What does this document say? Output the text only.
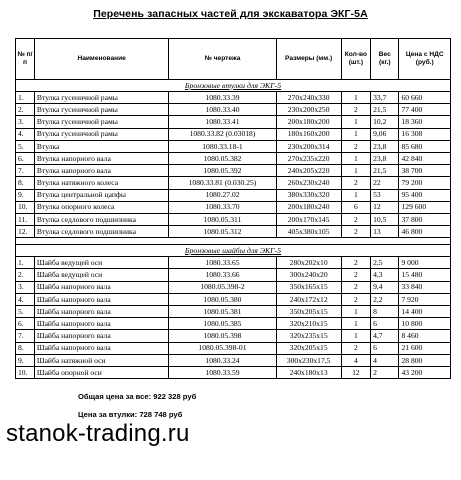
Перечень запасных частей для экскаватора ЭКГ-5А
№ п/п	Наименование	№ чертежа	Размеры (мм.)	Кол-во (шт.)	Вес (кг.)	Цена с НДС (руб.)
Бронзовые втулки для ЭКГ-5						
1.	Втулка гусеничной рамы	1080.33.39	270х240х330	1	33,7	60 660
2.	Втулка гусеничной рамы	1080.33.40	230х200х250	2	21,5	77 400
3.	Втулка гусеничной рамы	1080.33.41	200х180х200	1	10,2	18 360
4.	Втулка гусеничной рамы	1080.33.82 (0.03018)	180х160х200	1	9,06	16 308
5.	Втулка	1080.33.18-1	230х200х314	2	23,8	85 680
6.	Втулка напорного вала	1080.05.382	270х235х220	1	23,8	42 840
7.	Втулка напорного вала	1080.05.392	240х205х220	1	21,5	38 700
8.	Втулка натяжного колеса	1080.33.81 (0.030.25)	260х230х240	2	22	79 200
9.	Втулка центральной цапфы	1080.27.02	380х330х320	1	53	95 400
10.	Втулка опорного колеса	1080.33.70	200х180х240	6	12	129 600
11.	Втулка седлового подшипника	1080.05.311	200х170х145	2	10,5	37 800
12.	Втулка седлового подшипника	1080.05.312	405х380х105	2	13	46 800

Бронзовые шайбы для ЭКГ-5						
1.	Шайба ведущей оси	1080.33.65	280х202х10	2	2,5	9 000
2.	Шайба ведущей оси	1080.33.66	300х240х20	2	4,3	15 480
3.	Шайба напорного вала	1080.05.398-2	350х165х15	2	9,4	33 840
4.	Шайба напорного вала	1080.05.380	240х172х12	2	2,2	7 920
5.	Шайба напорного вала	1080.05.381	350х205х15	1	8	14 400
6.	Шайба напорного вала	1080.05.385	320х210х15	1	6	10 800
7.	Шайба напорного вала	1080.05.398	320х235х15	1	4,7	8 460
8.	Шайба напорного вала	1080.05.398-01	320х205х15	2	6	21 600
9.	Шайба натяжной оси	1080.33.24	300х230х17,5	4	4	28 800
10.	Шайба опорной оси	1080.33.59	240х180х13	12	2	43 200
Общая цена за все: 922 328 руб
Цена за втулки: 728 748 руб
stanok-trading.ru
